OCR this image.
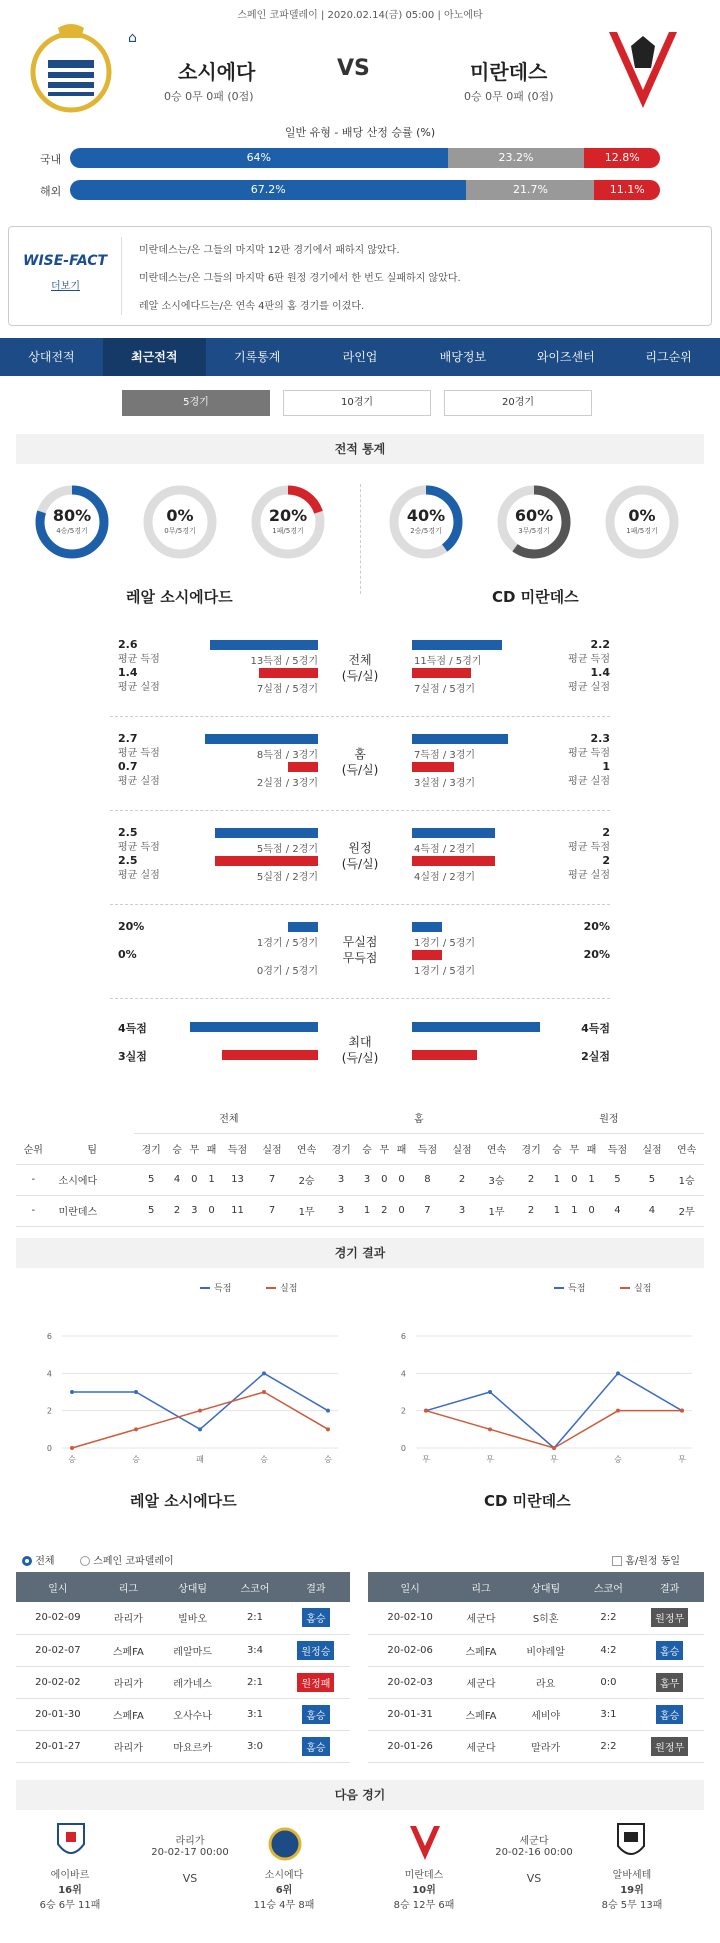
스페인 코파델레이 | 2020.02.14(금) 05:00 | 아노에타
⌂
소시에다
0승 0무 0패 (0점)
VS	미란데스
0승 0무 0패 (0점)
일반 유형 - 배당 산정 승률 (%)
국내	64%	23.2%	12.8%
해외	67.2%	21.7%	11.1%
WISE-FACT
더보기
미란데스는/은 그들의 마지막 12판 경기에서 패하지 않았다.
미란데스는/은 그들의 마지막 6판 원정 경기에서 한 번도 실패하지 않았다.
레알 소시에다드는/은 연속 4판의 홈 경기를 이겼다.
상대전적	최근전적	기록통계	라인업	배당정보	와이즈센터	리그순위
5경기	10경기	20경기
전적 통계
80%
4승/5경기
0%
0무/5경기
20%
1패/5경기
40%
2승/5경기
60%
3무/5경기
0%
1패/5경기
레알 소시에다드	CD 미란데스
전체
(득/실)
2.6
평균 득점	13득점 / 5경기	11득점 / 5경기
2.2
평균 득점
1.4
평균 실점	7실점 / 5경기	7실점 / 5경기
1.4
평균 실점
홈
(득/실)
2.7
평균 득점	8득점 / 3경기	7득점 / 3경기
2.3
평균 득점
0.7
평균 실점	2실점 / 3경기	3실점 / 3경기
1
평균 실점
원정
(득/실)
2.5
평균 득점	5득점 / 2경기	4득점 / 2경기
2
평균 득점
2.5
평균 실점	5실점 / 2경기	4실점 / 2경기
2
평균 실점
무실점
무득점
20%
1경기 / 5경기	1경기 / 5경기
20%
0%
0경기 / 5경기	1경기 / 5경기
20%
최대
(득/실)
4득점	4득점
3실점	2실점
		전체							홈							원정						
순위	팀	경기	승	무	패	득점	실점	연속	경기	승	무	패	득점	실점	연속	경기	승	무	패	득점	실점	연속
-	소시에다	5	4	0	1	13	7	2승	3	3	0	0	8	2	3승	2	1	0	1	5	5	1승
-	미란데스	5	2	3	0	11	7	1무	3	1	2	0	7	3	1무	2	1	1	0	4	4	2무
경기 결과
0
2
4
6
승	승	패	승	승
득점	실점
0
2
4
6
무	무	무	승	무
득점	실점
레알 소시에다드	CD 미란데스
전체	스페인 코파델레이	홈/원정 동일
일시	리그	상대팀	스코어	결과
20-02-09	라리가	빌바오	2:1	홈승
20-02-07	스페FA	레알마드	3:4	원정승
20-02-02	라리가	레가네스	2:1	원정패
20-01-30	스페FA	오사수나	3:1	홈승
20-01-27	라리가	마요르카	3:0	홈승
일시	리그	상대팀	스코어	결과
20-02-10	세군다	S히혼	2:2	원정무
20-02-06	스페FA	비야레알	4:2	홈승
20-02-03	세군다	라요	0:0	홈무
20-01-31	스페FA	세비야	3:1	홈승
20-01-26	세군다	말라가	2:2	원정무
다음 경기
에이바르
16위
6승 6무 11패
라리가
20-02-17 00:00
VS	소시에다
6위
11승 4무 8패
미란데스
10위
8승 12무 6패
세군다
20-02-16 00:00
VS	알바세테
19위
8승 5무 13패
